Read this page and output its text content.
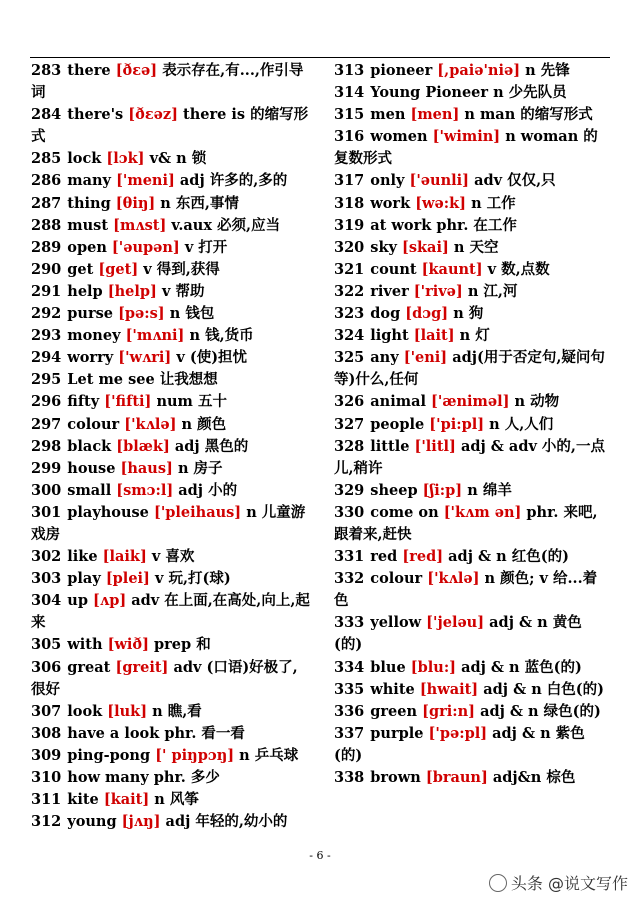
283 there [ðɛə] 表示存在,有...,作引导词
284 there's [ðɛəz] there is 的缩写形式
285 lock [lɔk] v& n 锁
286 many ['meni] adj 许多的,多的
287 thing [θiŋ] n 东西,事情
288 must [mʌst] v.aux 必须,应当
289 open ['əupən] v 打开
290 get [get] v 得到,获得
291 help [help] v 帮助
292 purse [pə:s] n 钱包
293 money ['mʌni] n 钱,货币
294 worry ['wʌri] v (使)担忧
295 Let me see 让我想想
296 fifty ['fifti] num 五十
297 colour ['kʌlə] n 颜色
298 black [blæk] adj 黑色的
299 house [haus] n 房子
300 small [smɔ:l] adj 小的
301 playhouse ['pleihaus] n 儿童游戏房
302 like [laik] v 喜欢
303 play [plei] v 玩,打(球)
304 up [ʌp] adv 在上面,在高处,向上,起来
305 with [wið] prep 和
306 great [greit] adv (口语)好极了,很好
307 look [luk] n 瞧,看
308 have a look phr. 看一看
309 ping-pong [' piŋpɔŋ] n 乒乓球
310 how many phr. 多少
311 kite [kait] n 风筝
312 young [jʌŋ] adj 年轻的,幼小的
313 pioneer [,paiə'niə] n 先锋
314 Young Pioneer n 少先队员
315 men [men] n man 的缩写形式
316 women ['wimin] n woman 的复数形式
317 only ['əunli] adv 仅仅,只
318 work [wə:k] n 工作
319 at work phr. 在工作
320 sky [skai] n 天空
321 count [kaunt] v 数,点数
322 river ['rivə] n 江,河
323 dog [dɔg] n 狗
324 light [lait] n 灯
325 any ['eni] adj(用于否定句,疑问句等)什么,任何
326 animal ['æniməl] n 动物
327 people ['pi:pl] n 人,人们
328 little ['litl] adj & adv 小的,一点儿,稍许
329 sheep [ʃi:p] n 绵羊
330 come on ['kʌm ən] phr. 来吧,跟着来,赶快
331 red [red] adj & n 红色(的)
332 colour ['kʌlə] n 颜色; v 给...着色
333 yellow ['jeləu] adj & n 黄色(的)
334 blue [blu:] adj & n 蓝色(的)
335 white [hwait] adj & n 白色(的)
336 green [gri:n] adj & n 绿色(的)
337 purple ['pə:pl] adj & n 紫色(的)
338 brown [braun] adj&n 棕色
- 6 -
头条 @说文写作
